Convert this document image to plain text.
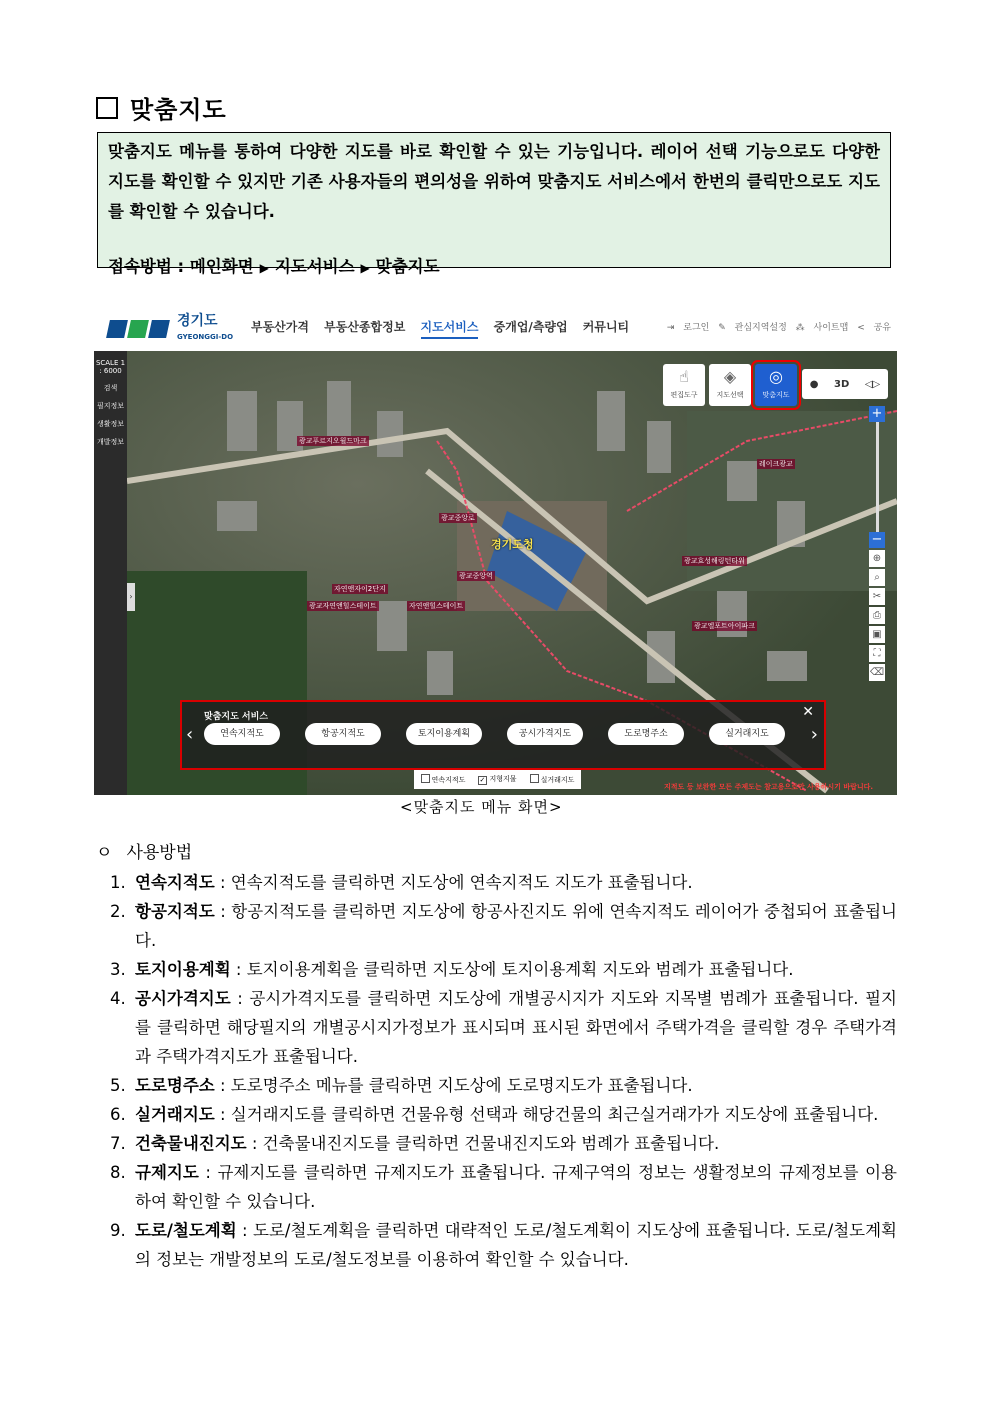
맞춤지도
맞춤지도 메뉴를 통하여 다양한 지도를 바로 확인할 수 있는 기능입니다. 레이어 선택 기능으로도 다양한 지도를 확인할 수 있지만 기존 사용자들의 편의성을 위하여 맞춤지도 서비스에서 한번의 클릭만으로도 지도를 확인할 수 있습니다.
접속방법 : 메인화면 ▶ 지도서비스 ▶ 맞춤지도
경기도
GYEONGGI-DO
부동산가격 부동산종합정보 지도서비스 중개업/측량업 커뮤니티	⇥ 로그인 ✎ 관심지역설정 ⁂ 사이트맵 < 공유
SCALE 1 : 6000
검색
필지정보
생활정보
개발정보
경기도청
광교중앙역
광교푸르지오월드마크
광교효성해링턴타워
광교자연앤힐스테이트
레이크광교
광교중앙로
자연앤자이2단지
자연앤힐스테이트
광교엘포트아이파크
☝
편집도구
◈
지도선택
◎
맞춤지도
● 3D ◁▷
+
−
⊕
⌕
✂
⎙
▣
⛶
⌫
맞춤지도 서비스	✕
‹	›
연속지적도	항공지적도	토지이용계획	공시가격지도	도로명주소	실거래지도
연속지적도 ✓ 지형지물	실거래지도
지적도 등 보완한 모든 주제도는 참고용으로만 사용하시기 바랍니다.
›
<맞춤지도 메뉴 화면>
ㅇ 사용방법
1. 연속지적도 : 연속지적도를 클릭하면 지도상에 연속지적도 지도가 표출됩니다.
2. 항공지적도 : 항공지적도를 클릭하면 지도상에 항공사진지도 위에 연속지적도 레이어가 중첩되어 표출됩니다.
3. 토지이용계획 : 토지이용계획을 클릭하면 지도상에 토지이용계획 지도와 범례가 표출됩니다.
4. 공시가격지도 : 공시가격지도를 클릭하면 지도상에 개별공시지가 지도와 지목별 범례가 표출됩니다. 필지를 클릭하면 해당필지의 개별공시지가정보가 표시되며 표시된 화면에서 주택가격을 클릭할 경우 주택가격과 주택가격지도가 표출됩니다.
5. 도로명주소 : 도로명주소 메뉴를 클릭하면 지도상에 도로명지도가 표출됩니다.
6. 실거래지도 : 실거래지도를 클릭하면 건물유형 선택과 해당건물의 최근실거래가가 지도상에 표출됩니다.
7. 건축물내진지도 : 건축물내진지도를 클릭하면 건물내진지도와 범례가 표출됩니다.
8. 규제지도 : 규제지도를 클릭하면 규제지도가 표출됩니다. 규제구역의 정보는 생활정보의 규제정보를 이용하여 확인할 수 있습니다.
9. 도로/철도계획 : 도로/철도계획을 클릭하면 대략적인 도로/철도계획이 지도상에 표출됩니다. 도로/철도계획의 정보는 개발정보의 도로/철도정보를 이용하여 확인할 수 있습니다.
